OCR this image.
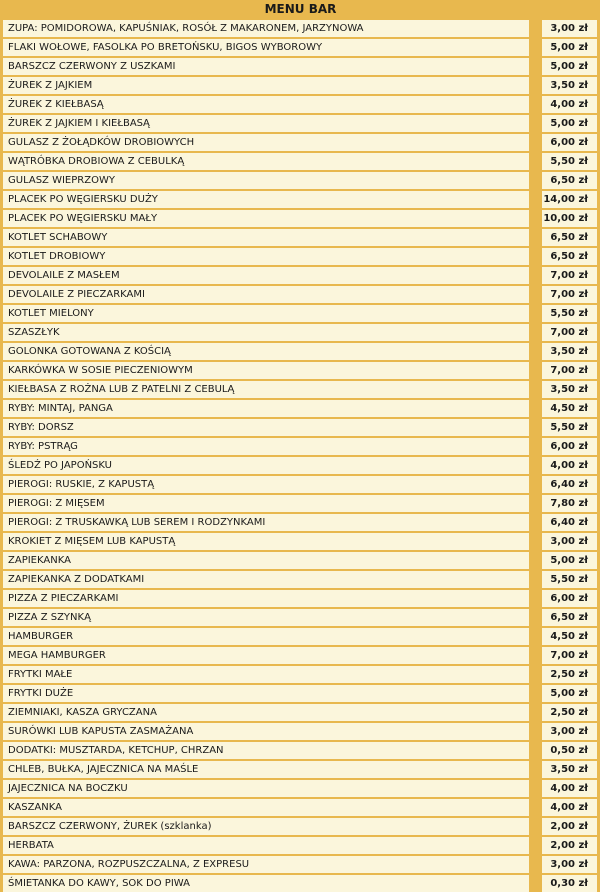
MENU BAR
ZUPA: POMIDOROWA, KAPUŚNIAK, ROSÓŁ Z MAKARONEM, JARZYNOWA	3,00 zł
FLAKI WOŁOWE, FASOLKA PO BRETOŃSKU, BIGOS WYBOROWY	5,00 zł
BARSZCZ CZERWONY Z USZKAMI	5,00 zł
ŻUREK Z JAJKIEM	3,50 zł
ŻUREK Z KIEŁBASĄ	4,00 zł
ŻUREK Z JAJKIEM I KIEŁBASĄ	5,00 zł
GULASZ Z ŻOŁĄDKÓW DROBIOWYCH	6,00 zł
WĄTRÓBKA DROBIOWA Z CEBULKĄ	5,50 zł
GULASZ WIEPRZOWY	6,50 zł
PLACEK PO WĘGIERSKU DUŻY	14,00 zł
PLACEK PO WĘGIERSKU MAŁY	10,00 zł
KOTLET SCHABOWY	6,50 zł
KOTLET DROBIOWY	6,50 zł
DEVOLAILE Z MASŁEM	7,00 zł
DEVOLAILE Z PIECZARKAMI	7,00 zł
KOTLET MIELONY	5,50 zł
SZASZŁYK	7,00 zł
GOLONKA GOTOWANA Z KOŚCIĄ	3,50 zł
KARKÓWKA W SOSIE PIECZENIOWYM	7,00 zł
KIEŁBASA Z ROŻNA LUB Z PATELNI Z CEBULĄ	3,50 zł
RYBY: MINTAJ, PANGA	4,50 zł
RYBY: DORSZ	5,50 zł
RYBY: PSTRĄG	6,00 zł
ŚLEDŹ PO JAPOŃSKU	4,00 zł
PIEROGI: RUSKIE, Z KAPUSTĄ	6,40 zł
PIEROGI: Z MIĘSEM	7,80 zł
PIEROGI: Z TRUSKAWKĄ LUB SEREM I RODZYNKAMI	6,40 zł
KROKIET Z MIĘSEM LUB KAPUSTĄ	3,00 zł
ZAPIEKANKA	5,00 zł
ZAPIEKANKA Z DODATKAMI	5,50 zł
PIZZA Z PIECZARKAMI	6,00 zł
PIZZA Z SZYNKĄ	6,50 zł
HAMBURGER	4,50 zł
MEGA HAMBURGER	7,00 zł
FRYTKI MAŁE	2,50 zł
FRYTKI DUŻE	5,00 zł
ZIEMNIAKI, KASZA GRYCZANA	2,50 zł
SURÓWKI LUB KAPUSTA ZASMAŻANA	3,00 zł
DODATKI: MUSZTARDA, KETCHUP, CHRZAN	0,50 zł
CHLEB, BUŁKA, JAJECZNICA NA MAŚLE	3,50 zł
JAJECZNICA NA BOCZKU	4,00 zł
KASZANKA	4,00 zł
BARSZCZ CZERWONY, ŻUREK (szklanka)	2,00 zł
HERBATA	2,00 zł
KAWA: PARZONA, ROZPUSZCZALNA, Z EXPRESU	3,00 zł
ŚMIETANKA DO KAWY, SOK DO PIWA	0,30 zł
